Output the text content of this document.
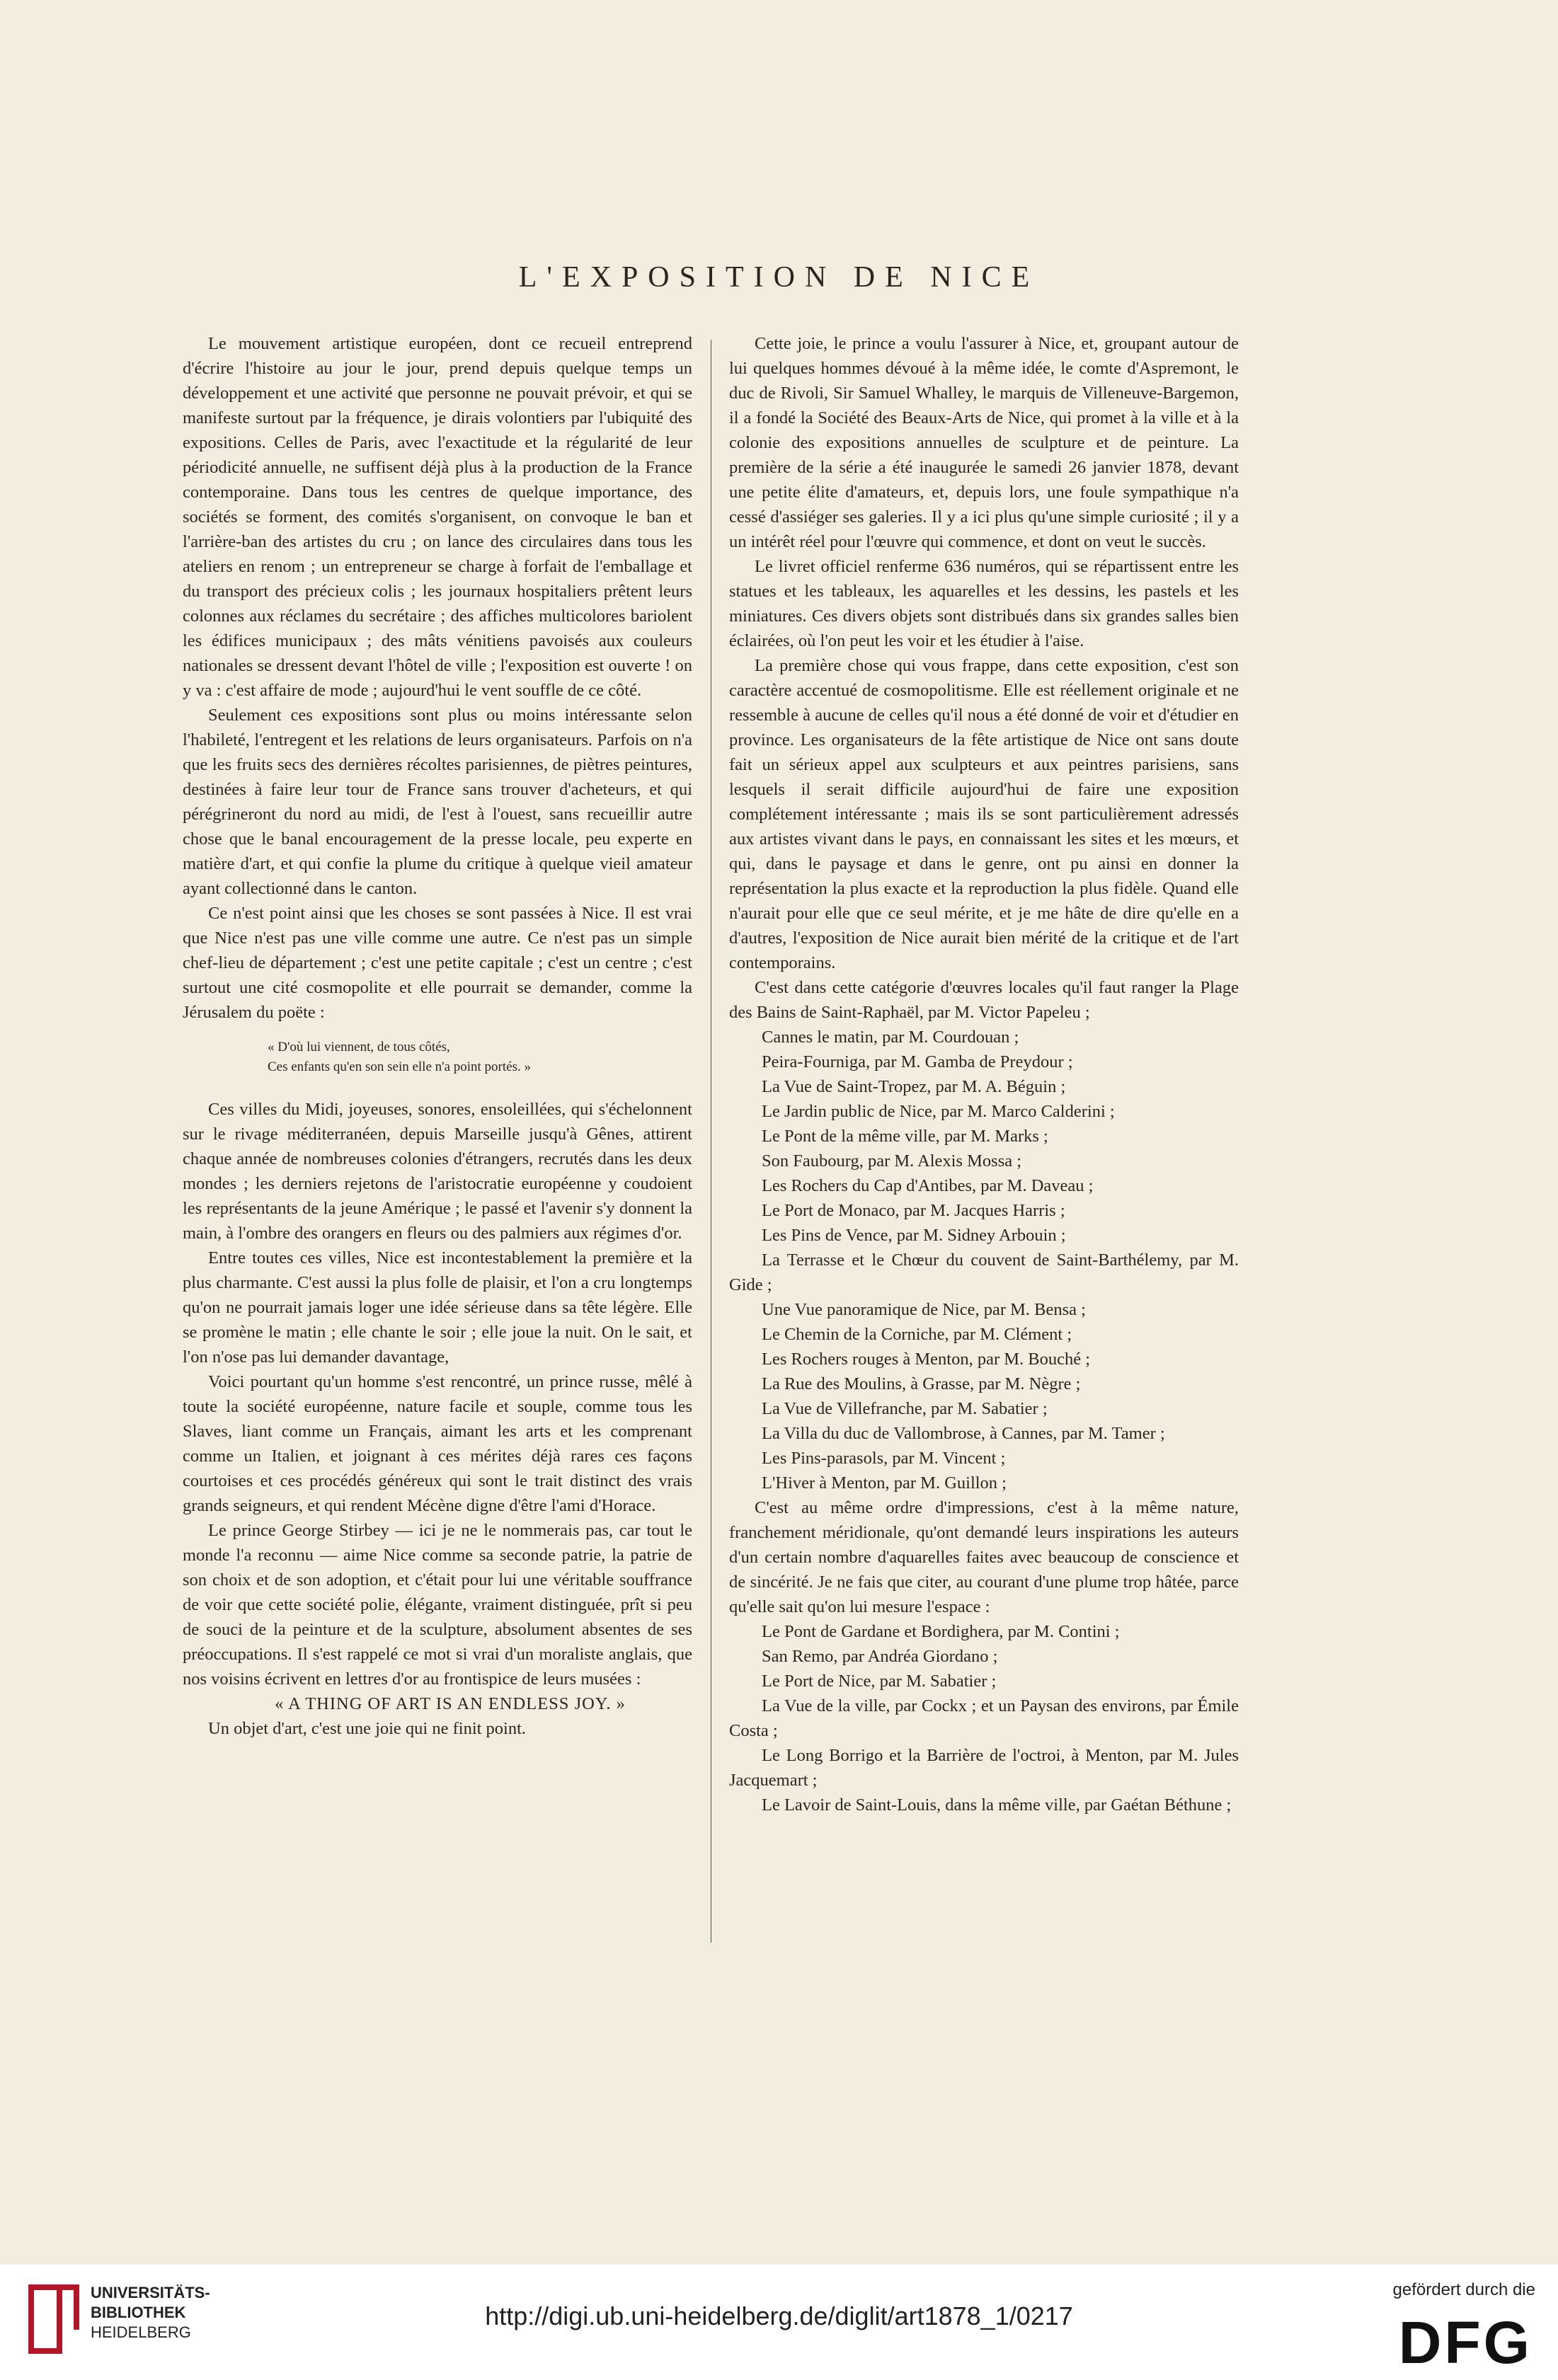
L'EXPOSITION DE NICE

Le mouvement artistique européen, dont ce recueil entreprend d'écrire l'histoire au jour le jour, prend depuis quelque temps un développement et une activité que personne ne pouvait prévoir, et qui se manifeste surtout par la fréquence, je dirais volontiers par l'ubiquité des expositions. Celles de Paris, avec l'exactitude et la régularité de leur périodicité annuelle, ne suffisent déjà plus à la production de la France contemporaine. Dans tous les centres de quelque importance, des sociétés se forment, des comités s'organisent, on convoque le ban et l'arrière-ban des artistes du cru ; on lance des circulaires dans tous les ateliers en renom ; un entrepreneur se charge à forfait de l'emballage et du transport des précieux colis ; les journaux hospitaliers prêtent leurs colonnes aux réclames du secrétaire ; des affiches multicolores bariolent les édifices municipaux ; des mâts vénitiens pavoisés aux couleurs nationales se dressent devant l'hôtel de ville ; l'exposition est ouverte ! on y va : c'est affaire de mode ; aujourd'hui le vent souffle de ce côté.

Seulement ces expositions sont plus ou moins intéressante selon l'habileté, l'entregent et les relations de leurs organisateurs. Parfois on n'a que les fruits secs des dernières récoltes parisiennes, de piètres peintures, destinées à faire leur tour de France sans trouver d'acheteurs, et qui pérégrineront du nord au midi, de l'est à l'ouest, sans recueillir autre chose que le banal encouragement de la presse locale, peu experte en matière d'art, et qui confie la plume du critique à quelque vieil amateur ayant collectionné dans le canton.

Ce n'est point ainsi que les choses se sont passées à Nice. Il est vrai que Nice n'est pas une ville comme une autre. Ce n'est pas un simple chef-lieu de département ; c'est une petite capitale ; c'est un centre ; c'est surtout une cité cosmopolite et elle pourrait se demander, comme la Jérusalem du poëte :

« D'où lui viennent, de tous côtés,
Ces enfants qu'en son sein elle n'a point portés. »

Ces villes du Midi, joyeuses, sonores, ensoleillées, qui s'échelonnent sur le rivage méditerranéen, depuis Marseille jusqu'à Gênes, attirent chaque année de nombreuses colonies d'étrangers, recrutés dans les deux mondes ; les derniers rejetons de l'aristocratie européenne y coudoient les représentants de la jeune Amérique ; le passé et l'avenir s'y donnent la main, à l'ombre des orangers en fleurs ou des palmiers aux régimes d'or.

Entre toutes ces villes, Nice est incontestablement la première et la plus charmante. C'est aussi la plus folle de plaisir, et l'on a cru longtemps qu'on ne pourrait jamais loger une idée sérieuse dans sa tête légère. Elle se promène le matin ; elle chante le soir ; elle joue la nuit. On le sait, et l'on n'ose pas lui demander davantage,

Voici pourtant qu'un homme s'est rencontré, un prince russe, mêlé à toute la société européenne, nature facile et souple, comme tous les Slaves, liant comme un Français, aimant les arts et les comprenant comme un Italien, et joignant à ces mérites déjà rares ces façons courtoises et ces procédés généreux qui sont le trait distinct des vrais grands seigneurs, et qui rendent Mécène digne d'être l'ami d'Horace.

Le prince George Stirbey — ici je ne le nommerais pas, car tout le monde l'a reconnu — aime Nice comme sa seconde patrie, la patrie de son choix et de son adoption, et c'était pour lui une véritable souffrance de voir que cette société polie, élégante, vraiment distinguée, prît si peu de souci de la peinture et de la sculpture, absolument absentes de ses préoccupations. Il s'est rappelé ce mot si vrai d'un moraliste anglais, que nos voisins écrivent en lettres d'or au frontispice de leurs musées :

« A THING OF ART IS AN ENDLESS JOY. »

Un objet d'art, c'est une joie qui ne finit point.

Cette joie, le prince a voulu l'assurer à Nice, et, groupant autour de lui quelques hommes dévoué à la même idée, le comte d'Aspremont, le duc de Rivoli, Sir Samuel Whalley, le marquis de Villeneuve-Bargemon, il a fondé la Société des Beaux-Arts de Nice, qui promet à la ville et à la colonie des expositions annuelles de sculpture et de peinture. La première de la série a été inaugurée le samedi 26 janvier 1878, devant une petite élite d'amateurs, et, depuis lors, une foule sympathique n'a cessé d'assiéger ses galeries. Il y a ici plus qu'une simple curiosité ; il y a un intérêt réel pour l'œuvre qui commence, et dont on veut le succès.

Le livret officiel renferme 636 numéros, qui se répartissent entre les statues et les tableaux, les aquarelles et les dessins, les pastels et les miniatures. Ces divers objets sont distribués dans six grandes salles bien éclairées, où l'on peut les voir et les étudier à l'aise.

La première chose qui vous frappe, dans cette exposition, c'est son caractère accentué de cosmopolitisme. Elle est réellement originale et ne ressemble à aucune de celles qu'il nous a été donné de voir et d'étudier en province. Les organisateurs de la fête artistique de Nice ont sans doute fait un sérieux appel aux sculpteurs et aux peintres parisiens, sans lesquels il serait difficile aujourd'hui de faire une exposition complétement intéressante ; mais ils se sont particulièrement adressés aux artistes vivant dans le pays, en connaissant les sites et les mœurs, et qui, dans le paysage et dans le genre, ont pu ainsi en donner la représentation la plus exacte et la reproduction la plus fidèle. Quand elle n'aurait pour elle que ce seul mérite, et je me hâte de dire qu'elle en a d'autres, l'exposition de Nice aurait bien mérité de la critique et de l'art contemporains.

C'est dans cette catégorie d'œuvres locales qu'il faut ranger la Plage des Bains de Saint-Raphaël, par M. Victor Papeleu ;

Cannes le matin, par M. Courdouan ;
Peira-Fourniga, par M. Gamba de Preydour ;
La Vue de Saint-Tropez, par M. A. Béguin ;
Le Jardin public de Nice, par M. Marco Calderini ;
Le Pont de la même ville, par M. Marks ;
Son Faubourg, par M. Alexis Mossa ;
Les Rochers du Cap d'Antibes, par M. Daveau ;
Le Port de Monaco, par M. Jacques Harris ;
Les Pins de Vence, par M. Sidney Arbouin ;
La Terrasse et le Chœur du couvent de Saint-Barthélemy, par M. Gide ;
Une Vue panoramique de Nice, par M. Bensa ;
Le Chemin de la Corniche, par M. Clément ;
Les Rochers rouges à Menton, par M. Bouché ;
La Rue des Moulins, à Grasse, par M. Nègre ;
La Vue de Villefranche, par M. Sabatier ;
La Villa du duc de Vallombrose, à Cannes, par M. Tamer ;
Les Pins-parasols, par M. Vincent ;
L'Hiver à Menton, par M. Guillon ;

C'est au même ordre d'impressions, c'est à la même nature, franchement méridionale, qu'ont demandé leurs inspirations les auteurs d'un certain nombre d'aquarelles faites avec beaucoup de conscience et de sincérité. Je ne fais que citer, au courant d'une plume trop hâtée, parce qu'elle sait qu'on lui mesure l'espace :

Le Pont de Gardane et Bordighera, par M. Contini ;
San Remo, par Andréa Giordano ;
Le Port de Nice, par M. Sabatier ;
La Vue de la ville, par Cockx ; et un Paysan des environs, par Émile Costa ;
Le Long Borrigo et la Barrière de l'octroi, à Menton, par M. Jules Jacquemart ;
Le Lavoir de Saint-Louis, dans la même ville, par Gaétan Béthune ;
UNIVERSITÄTS-
BIBLIOTHEK
HEIDELBERG
http://digi.ub.uni-heidelberg.de/diglit/art1878_1/0217
gefördert durch die
DFG
